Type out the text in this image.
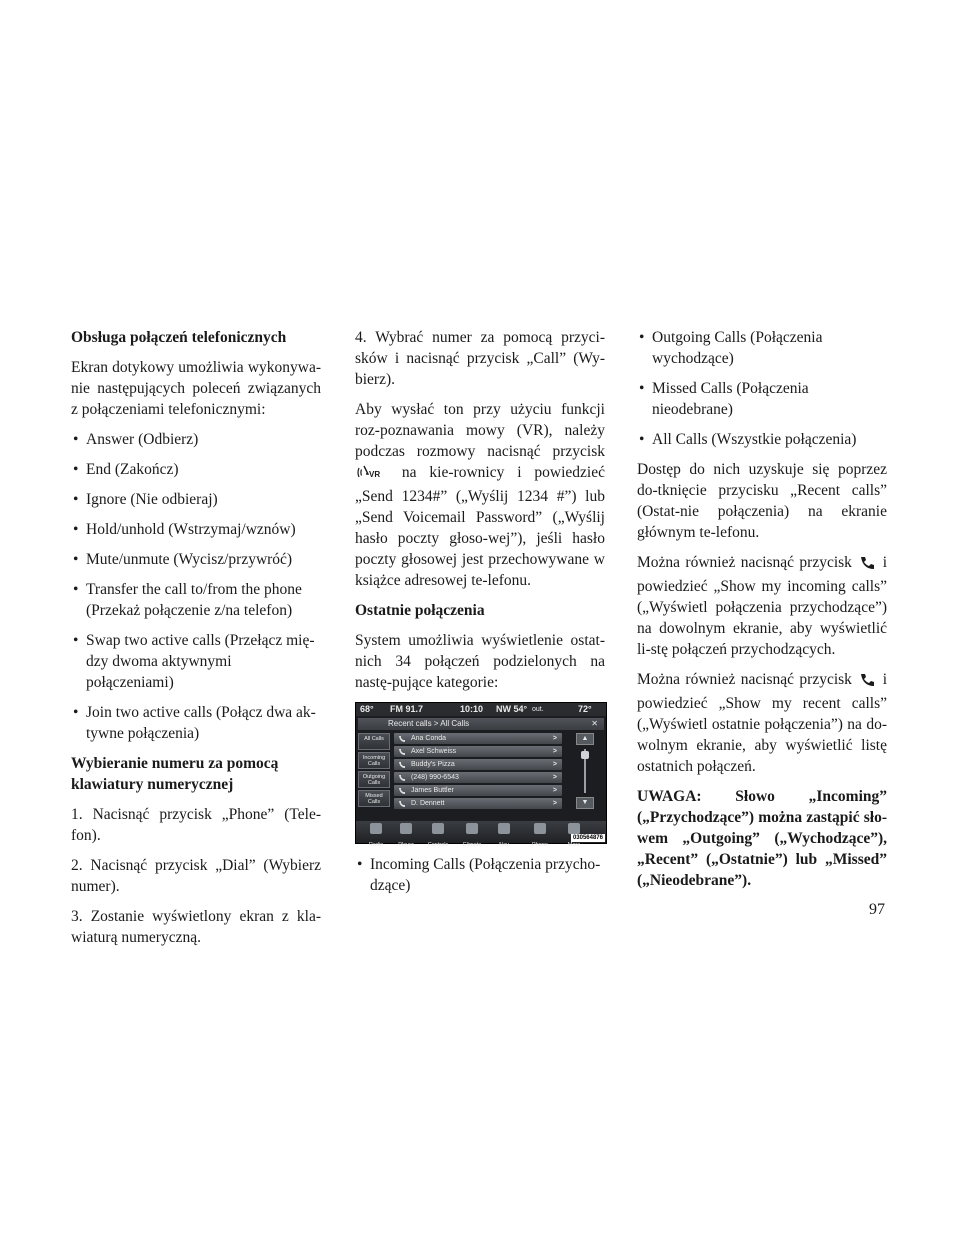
Obsługa połączeń telefonicznych

Ekran dotykowy umożliwia wykonywa-nie następujących poleceń związanych z połączeniami telefonicznymi:

• Answer (Odbierz)
• End (Zakończ)
• Ignore (Nie odbieraj)
• Hold/unhold (Wstrzymaj/wznów)
• Mute/unmute (Wycisz/przywróć)
• Transfer the call to/from the phone (Przekaż połączenie z/na telefon)
• Swap two active calls (Przełącz mię-dzy dwoma aktywnymi połączeniami)
• Join two active calls (Połącz dwa ak-tywne połączenia)

Wybieranie numeru za pomocą klawiatury numerycznej

1. Nacisnąć przycisk „Phone” (Tele-fon).

2. Nacisnąć przycisk „Dial” (Wybierz numer).

3. Zostanie wyświetlony ekran z kla-wiaturą numeryczną.

4. Wybrać numer za pomocą przyci-sków i nacisnąć przycisk „Call” (Wy-bierz).

Aby wysłać ton przy użyciu funkcji roz-poznawania mowy (VR), należy podczas rozmowy nacisnąć przycisk
VR na kie-rownicy i powiedzieć „Send 1234#” („Wyślij 1234 #”) lub „Send Voicemail Password” („Wyślij hasło poczty głoso-wej”), jeśli hasło poczty głosowej jest przechowywane w książce adresowej te-lefonu.

Ostatnie połączenia

System umożliwia wyświetlenie ostat-nich 34 połączeń podzielonych na nastę-pujące kategorie:

68° FM 91.7	10:10 NW 54° out.	72°
Recent calls > All Calls	✕
All Calls
Incoming Calls
Outgoing Calls
Missed Calls
Ana Conda	>
Axel Schweiss	>
Buddy's Pizza	>
(248) 990-6543	>
James Buttler	>
D. Dennett	>
▲
▼
Radio	Player	Controls	Climate	Nav	Phone	More
030564876
• Incoming Calls (Połączenia przycho-dzące)
• Outgoing Calls (Połączenia wychodzące)
• Missed Calls (Połączenia nieodebrane)
• All Calls (Wszystkie połączenia)

Dostęp do nich uzyskuje się poprzez do-tknięcie przycisku „Recent calls” (Ostat-nie połączenia) na ekranie głównym te-lefonu.

Można również nacisnąć przycisk i powiedzieć „Show my incoming calls” („Wyświetl połączenia przychodzące”) na dowolnym ekranie, aby wyświetlić li-stę połączeń przychodzących.

Można również nacisnąć przycisk i powiedzieć „Show my recent calls” („Wyświetl ostatnie połączenia”) na do-wolnym ekranie, aby wyświetlić listę ostatnich połączeń.

UWAGA: Słowo „Incoming” („Przychodzące”) można zastąpić sło-wem „Outgoing” („Wychodzące”), „Recent” („Ostatnie”) lub „Missed” („Nieodebrane”).

97
